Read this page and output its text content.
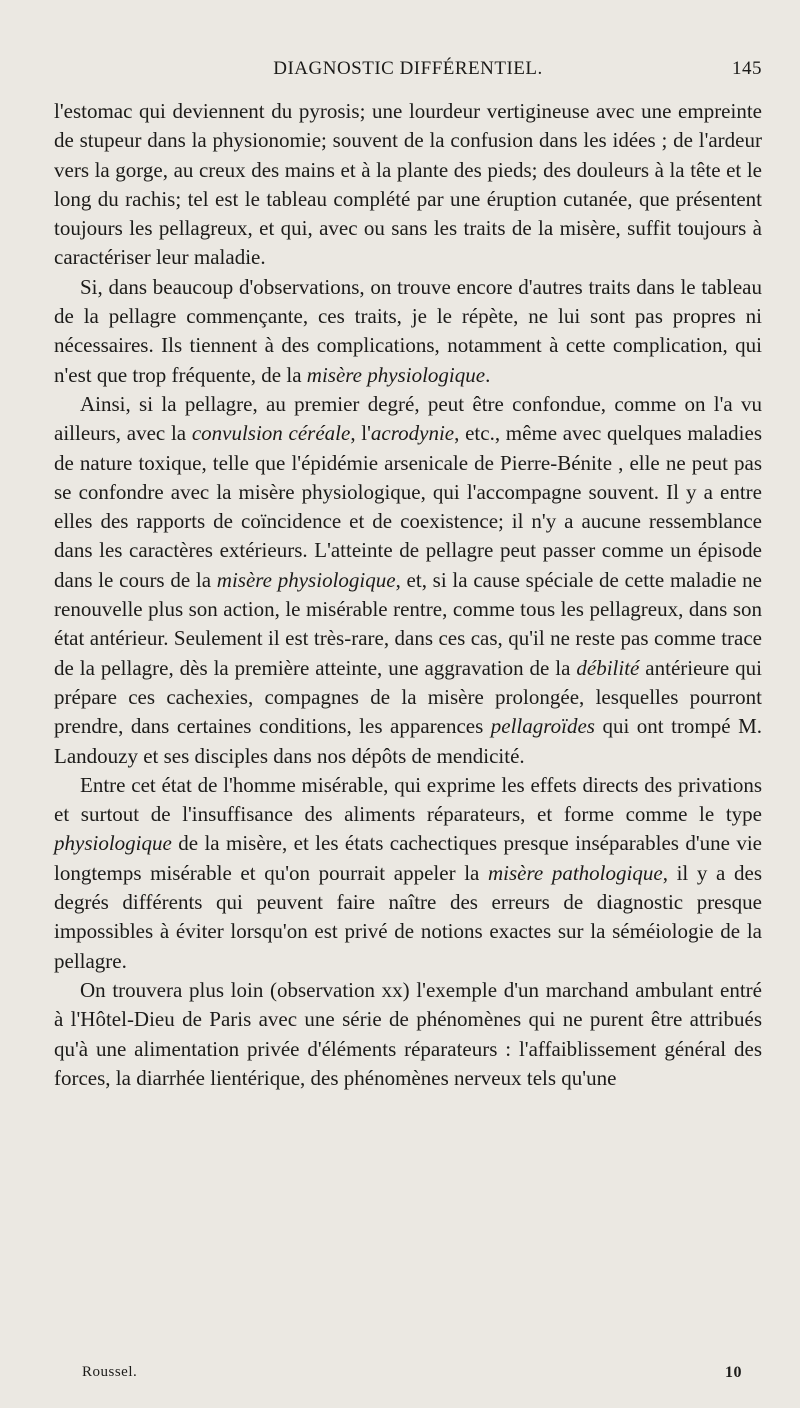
DIAGNOSTIC DIFFÉRENTIEL.	145

l'estomac qui deviennent du pyrosis; une lourdeur vertigineuse avec une empreinte de stupeur dans la physionomie; souvent de la confusion dans les idées ; de l'ardeur vers la gorge, au creux des mains et à la plante des pieds; des douleurs à la tête et le long du rachis; tel est le tableau complété par une éruption cutanée, que présentent toujours les pellagreux, et qui, avec ou sans les traits de la misère, suffit toujours à caractériser leur maladie.

Si, dans beaucoup d'observations, on trouve encore d'autres traits dans le tableau de la pellagre commençante, ces traits, je le répète, ne lui sont pas propres ni nécessaires. Ils tiennent à des complications, notamment à cette complication, qui n'est que trop fréquente, de la misère physiologique.

Ainsi, si la pellagre, au premier degré, peut être confondue, comme on l'a vu ailleurs, avec la convulsion céréale, l'acrodynie, etc., même avec quelques maladies de nature toxique, telle que l'épidémie arsenicale de Pierre-Bénite , elle ne peut pas se confondre avec la misère physiologique, qui l'accompagne souvent. Il y a entre elles des rapports de coïncidence et de coexistence; il n'y a aucune ressemblance dans les caractères extérieurs. L'atteinte de pellagre peut passer comme un épisode dans le cours de la misère physiologique, et, si la cause spéciale de cette maladie ne renouvelle plus son action, le misérable rentre, comme tous les pellagreux, dans son état antérieur. Seulement il est très-rare, dans ces cas, qu'il ne reste pas comme trace de la pellagre, dès la première atteinte, une aggravation de la débilité antérieure qui prépare ces cachexies, compagnes de la misère prolongée, lesquelles pourront prendre, dans certaines conditions, les apparences pellagroïdes qui ont trompé M. Landouzy et ses disciples dans nos dépôts de mendicité.

Entre cet état de l'homme misérable, qui exprime les effets directs des privations et surtout de l'insuffisance des aliments réparateurs, et forme comme le type physiologique de la misère, et les états cachectiques presque inséparables d'une vie longtemps misérable et qu'on pourrait appeler la misère pathologique, il y a des degrés différents qui peuvent faire naître des erreurs de diagnostic presque impossibles à éviter lorsqu'on est privé de notions exactes sur la séméiologie de la pellagre.

On trouvera plus loin (observation xx) l'exemple d'un marchand ambulant entré à l'Hôtel-Dieu de Paris avec une série de phénomènes qui ne purent être attribués qu'à une alimentation privée d'éléments réparateurs : l'affaiblissement général des forces, la diarrhée lientérique, des phénomènes nerveux tels qu'une

Roussel.	10
